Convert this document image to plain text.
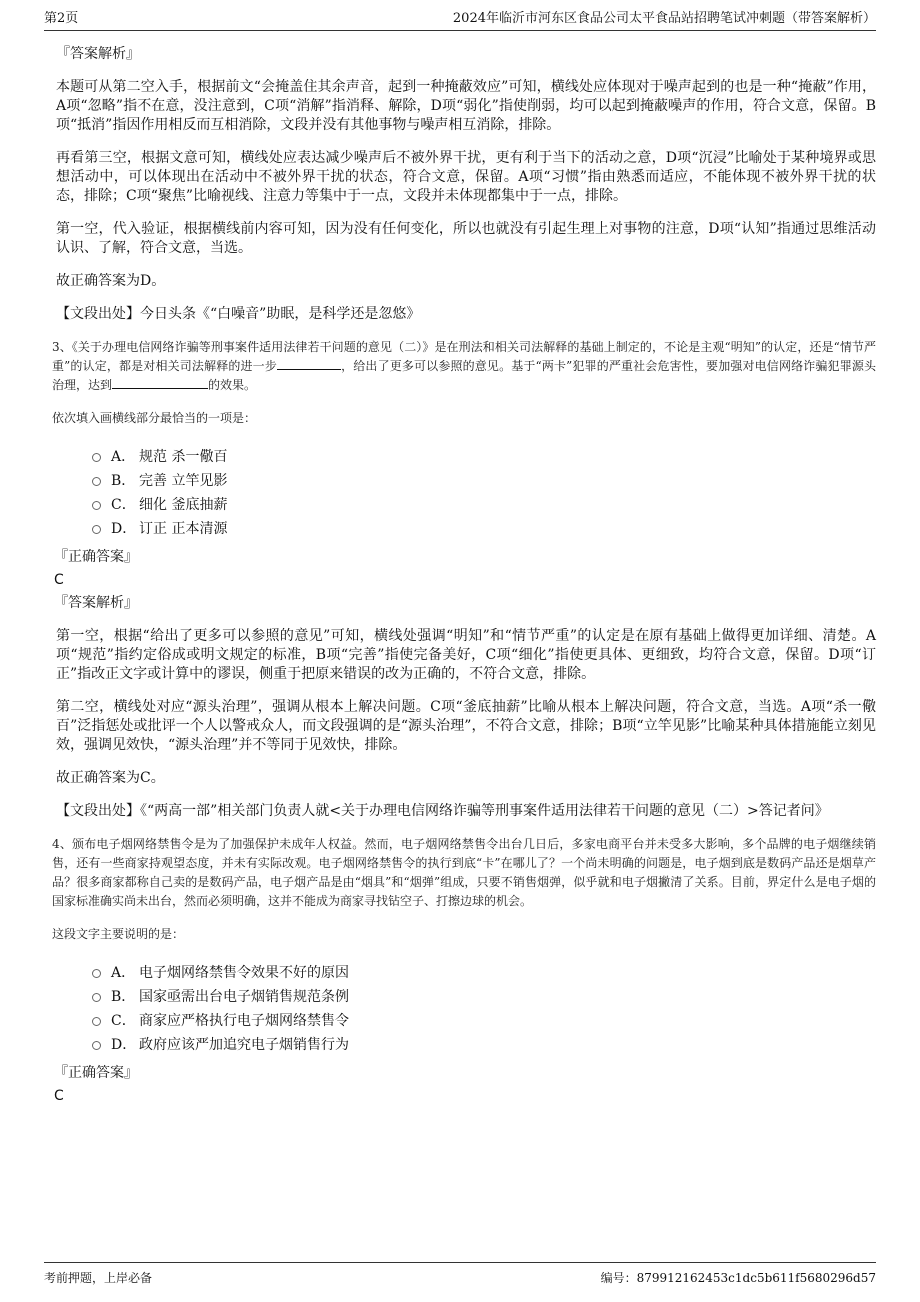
第2页	2024年临沂市河东区食品公司太平食品站招聘笔试冲刺题（带答案解析）
『答案解析』

本题可从第二空入手，根据前文“会掩盖住其余声音，起到一种掩蔽效应”可知，横线处应体现对于噪声起到的也是一种“掩蔽”作用，A项“忽略”指不在意，没注意到，C项“消解”指消释、解除，D项“弱化”指使削弱，均可以起到掩蔽噪声的作用，符合文意，保留。B项“抵消”指因作用相反而互相消除，文段并没有其他事物与噪声相互消除，排除。

再看第三空，根据文意可知，横线处应表达减少噪声后不被外界干扰，更有利于当下的活动之意，D项“沉浸”比喻处于某种境界或思想活动中，可以体现出在活动中不被外界干扰的状态，符合文意，保留。A项“习惯”指由熟悉而适应，不能体现不被外界干扰的状态，排除；C项“聚焦”比喻视线、注意力等集中于一点，文段并未体现都集中于一点，排除。

第一空，代入验证，根据横线前内容可知，因为没有任何变化，所以也就没有引起生理上对事物的注意，D项“认知”指通过思维活动认识、了解，符合文意，当选。

故正确答案为D。

【文段出处】今日头条《“白噪音”助眠，是科学还是忽悠》

3、《关于办理电信网络诈骗等刑事案件适用法律若干问题的意见（二）》是在刑法和相关司法解释的基础上制定的，不论是主观“明知”的认定，还是“情节严重”的认定，都是对相关司法解释的进一步	，给出了更多可以参照的意见。基于“两卡”犯罪的严重社会危害性，要加强对电信网络诈骗犯罪源头治理，达到	的效果。

依次填入画横线部分最恰当的一项是：

A． 规范 杀一儆百
B． 完善 立竿见影
C． 细化 釜底抽薪
D． 订正 正本清源
『正确答案』
C
『答案解析』

第一空，根据“给出了更多可以参照的意见”可知，横线处强调“明知”和“情节严重”的认定是在原有基础上做得更加详细、清楚。A项“规范”指约定俗成或明文规定的标准，B项“完善”指使完备美好，C项“细化”指使更具体、更细致，均符合文意，保留。D项“订正”指改正文字或计算中的谬误，侧重于把原来错误的改为正确的，不符合文意，排除。

第二空，横线处对应“源头治理”，强调从根本上解决问题。C项“釜底抽薪”比喻从根本上解决问题，符合文意，当选。A项“杀一儆百”泛指惩处或批评一个人以警戒众人，而文段强调的是“源头治理”，不符合文意，排除；B项“立竿见影”比喻某种具体措施能立刻见效，强调见效快，“源头治理”并不等同于见效快，排除。

故正确答案为C。

【文段出处】《“两高一部”相关部门负责人就<关于办理电信网络诈骗等刑事案件适用法律若干问题的意见（二）>答记者问》

4、颁布电子烟网络禁售令是为了加强保护未成年人权益。然而，电子烟网络禁售令出台几日后，多家电商平台并未受多大影响，多个品牌的电子烟继续销售，还有一些商家持观望态度，并未有实际改观。电子烟网络禁售令的执行到底“卡”在哪儿了？一个尚未明确的问题是，电子烟到底是数码产品还是烟草产品？很多商家都称自己卖的是数码产品，电子烟产品是由“烟具”和“烟弹”组成，只要不销售烟弹，似乎就和电子烟撇清了关系。目前，界定什么是电子烟的国家标准确实尚未出台，然而必须明确，这并不能成为商家寻找钻空子、打擦边球的机会。

这段文字主要说明的是：

A． 电子烟网络禁售令效果不好的原因
B． 国家亟需出台电子烟销售规范条例
C． 商家应严格执行电子烟网络禁售令
D． 政府应该严加追究电子烟销售行为
『正确答案』
C
考前押题，上岸必备	编号：879912162453c1dc5b611f5680296d57
